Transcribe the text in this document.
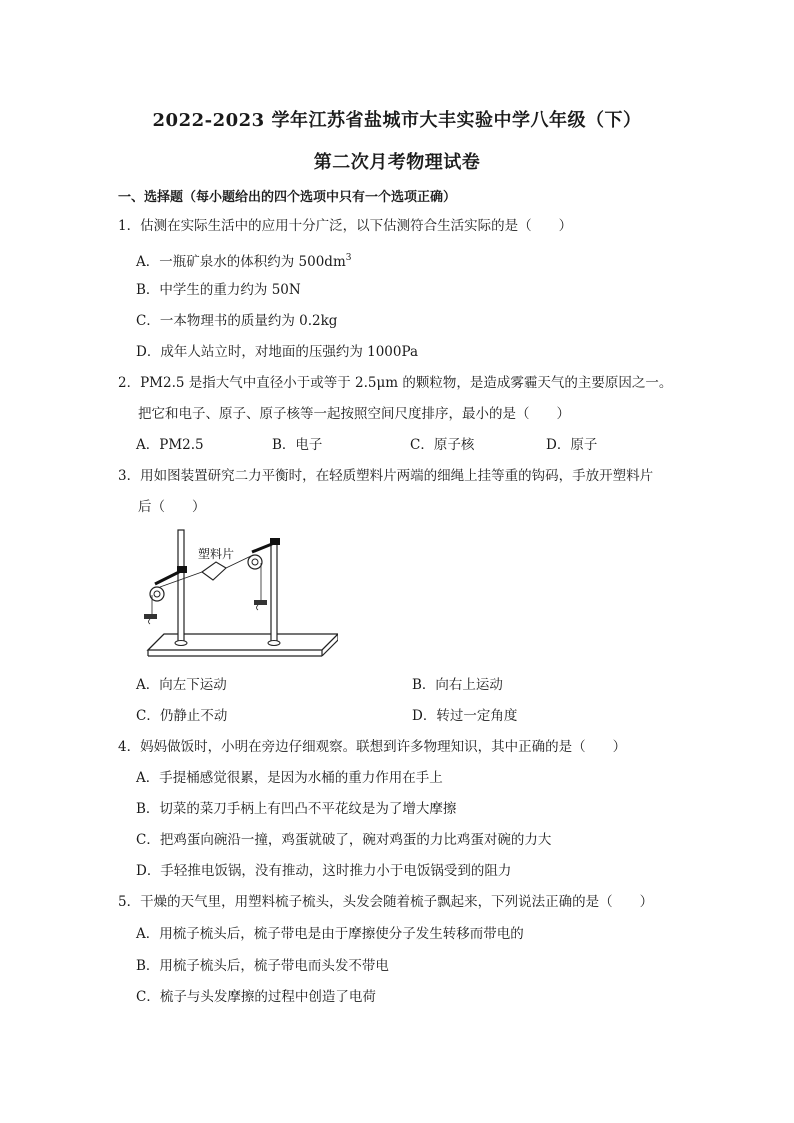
2022-2023 学年江苏省盐城市大丰实验中学八年级（下）
第二次月考物理试卷
一、选择题（每小题给出的四个选项中只有一个选项正确）
1．估测在实际生活中的应用十分广泛，以下估测符合生活实际的是（　　）
A．一瓶矿泉水的体积约为 $500dm^3$
B．中学生的重力约为 50N
C．一本物理书的质量约为 0.2kg
D．成年人站立时，对地面的压强约为 1000Pa
2．PM2.5 是指大气中直径小于或等于 2.5μm 的颗粒物，是造成雾霾天气的主要原因之一。
把它和电子、原子、原子核等一起按照空间尺度排序，最小的是（　　）
A．PM2.5	B．电子	C．原子核	D．原子
3．用如图装置研究二力平衡时，在轻质塑料片两端的细绳上挂等重的钩码，手放开塑料片
后（　　）
塑料片
A．向左下运动	B．向右上运动
C．仍静止不动	D．转过一定角度
4．妈妈做饭时，小明在旁边仔细观察。联想到许多物理知识，其中正确的是（　　）
A．手提桶感觉很累，是因为水桶的重力作用在手上
B．切菜的菜刀手柄上有凹凸不平花纹是为了增大摩擦
C．把鸡蛋向碗沿一撞，鸡蛋就破了，碗对鸡蛋的力比鸡蛋对碗的力大
D．手轻推电饭锅，没有推动，这时推力小于电饭锅受到的阻力
5．干燥的天气里，用塑料梳子梳头，头发会随着梳子飘起来，下列说法正确的是（　　）
A．用梳子梳头后，梳子带电是由于摩擦使分子发生转移而带电的
B．用梳子梳头后，梳子带电而头发不带电
C．梳子与头发摩擦的过程中创造了电荷
